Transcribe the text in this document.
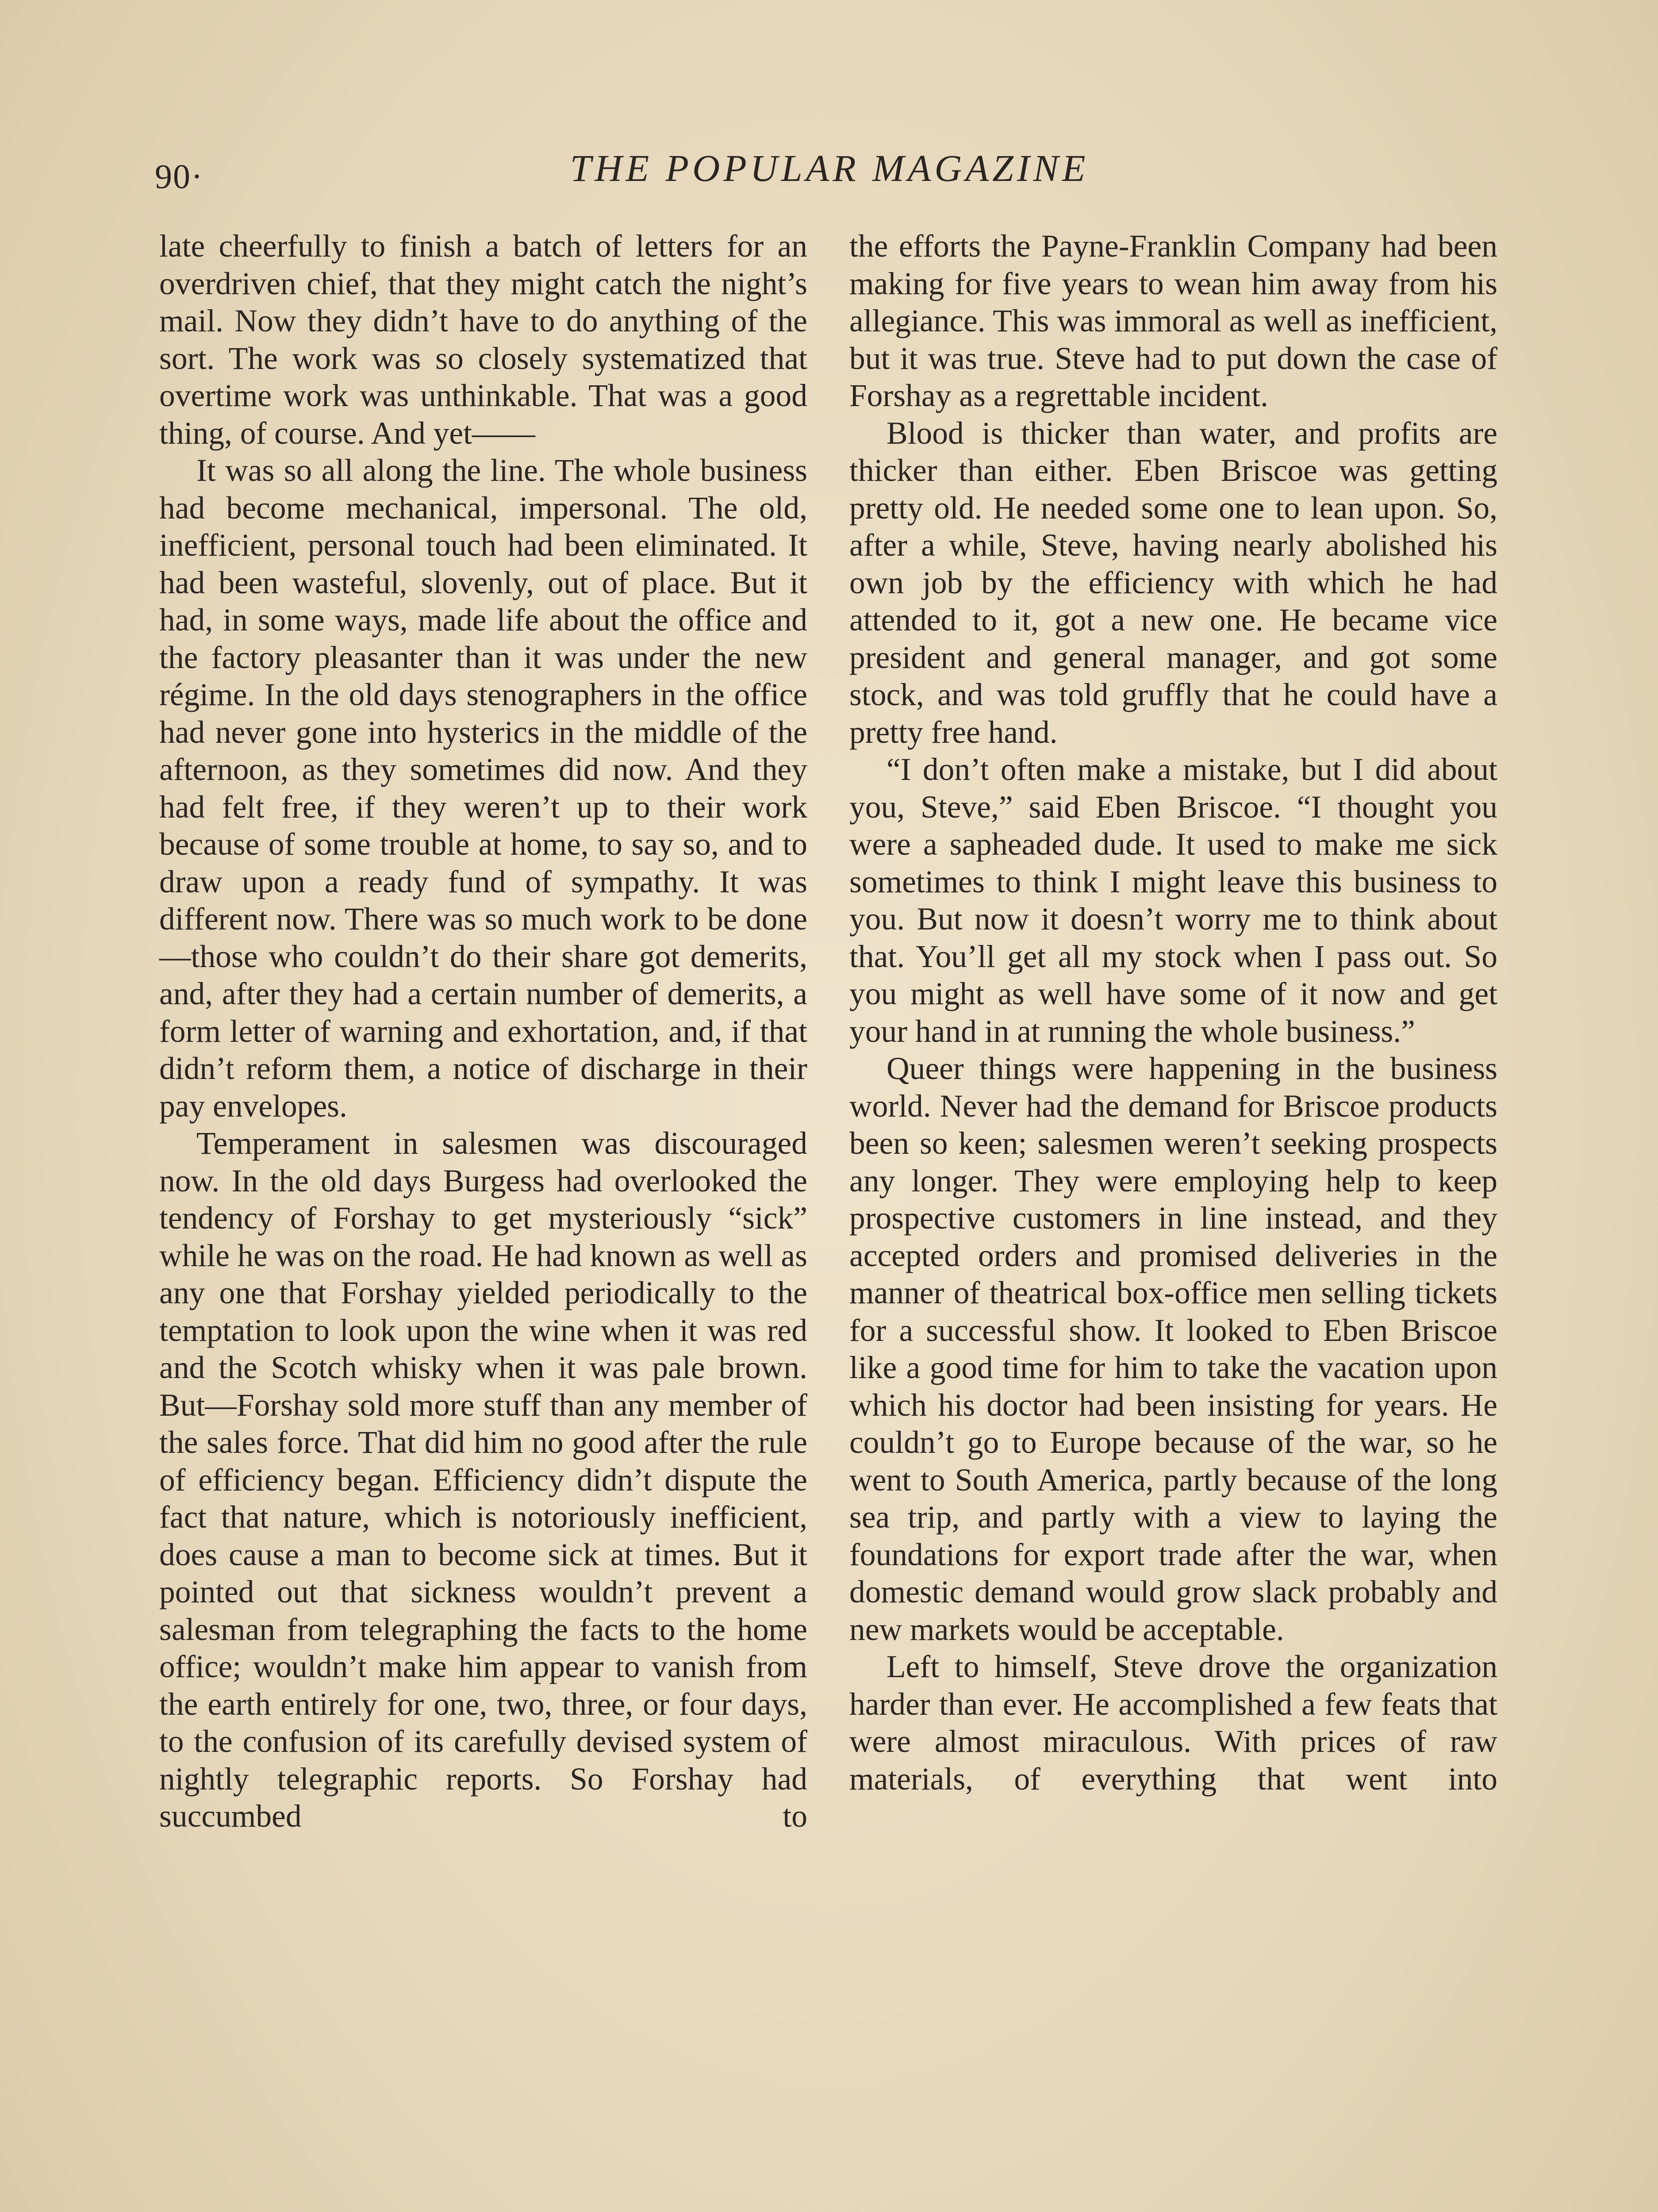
90·	THE POPULAR MAGAZINE

late cheerfully to finish a batch of letters for an overdriven chief, that they might catch the night’s mail. Now they didn’t have to do anything of the sort. The work was so closely systematized that overtime work was unthinkable. That was a good thing, of course. And yet——

It was so all along the line. The whole business had become mechanical, impersonal. The old, inefficient, personal touch had been eliminated. It had been wasteful, slovenly, out of place. But it had, in some ways, made life about the office and the factory pleasanter than it was under the new régime. In the old days stenographers in the office had never gone into hysterics in the middle of the afternoon, as they sometimes did now. And they had felt free, if they weren’t up to their work because of some trouble at home, to say so, and to draw upon a ready fund of sympathy. It was different now. There was so much work to be done—those who couldn’t do their share got demerits, and, after they had a certain number of demerits, a form letter of warning and exhortation, and, if that didn’t reform them, a notice of discharge in their pay envelopes.

Temperament in salesmen was discouraged now. In the old days Burgess had overlooked the tendency of Forshay to get mysteriously “sick” while he was on the road. He had known as well as any one that Forshay yielded periodically to the temptation to look upon the wine when it was red and the Scotch whisky when it was pale brown. But—Forshay sold more stuff than any member of the sales force. That did him no good after the rule of efficiency began. Efficiency didn’t dispute the fact that nature, which is notoriously inefficient, does cause a man to become sick at times. But it pointed out that sickness wouldn’t prevent a salesman from telegraphing the facts to the home office; wouldn’t make him appear to vanish from the earth entirely for one, two, three, or four days, to the confusion of its carefully devised system of nightly telegraphic reports. So Forshay had succumbed to

the efforts the Payne-Franklin Company had been making for five years to wean him away from his allegiance. This was immoral as well as inefficient, but it was true. Steve had to put down the case of Forshay as a regrettable incident.

Blood is thicker than water, and profits are thicker than either. Eben Briscoe was getting pretty old. He needed some one to lean upon. So, after a while, Steve, having nearly abolished his own job by the efficiency with which he had attended to it, got a new one. He became vice president and general manager, and got some stock, and was told gruffly that he could have a pretty free hand.

“I don’t often make a mistake, but I did about you, Steve,” said Eben Briscoe. “I thought you were a sapheaded dude. It used to make me sick sometimes to think I might leave this business to you. But now it doesn’t worry me to think about that. You’ll get all my stock when I pass out. So you might as well have some of it now and get your hand in at running the whole business.”

Queer things were happening in the business world. Never had the demand for Briscoe products been so keen; salesmen weren’t seeking prospects any longer. They were employing help to keep prospective customers in line instead, and they accepted orders and promised deliveries in the manner of theatrical box-office men selling tickets for a successful show. It looked to Eben Briscoe like a good time for him to take the vacation upon which his doctor had been insisting for years. He couldn’t go to Europe because of the war, so he went to South America, partly because of the long sea trip, and partly with a view to laying the foundations for export trade after the war, when domestic demand would grow slack probably and new markets would be acceptable.

Left to himself, Steve drove the organization harder than ever. He accomplished a few feats that were almost miraculous. With prices of raw materials, of everything that went into
